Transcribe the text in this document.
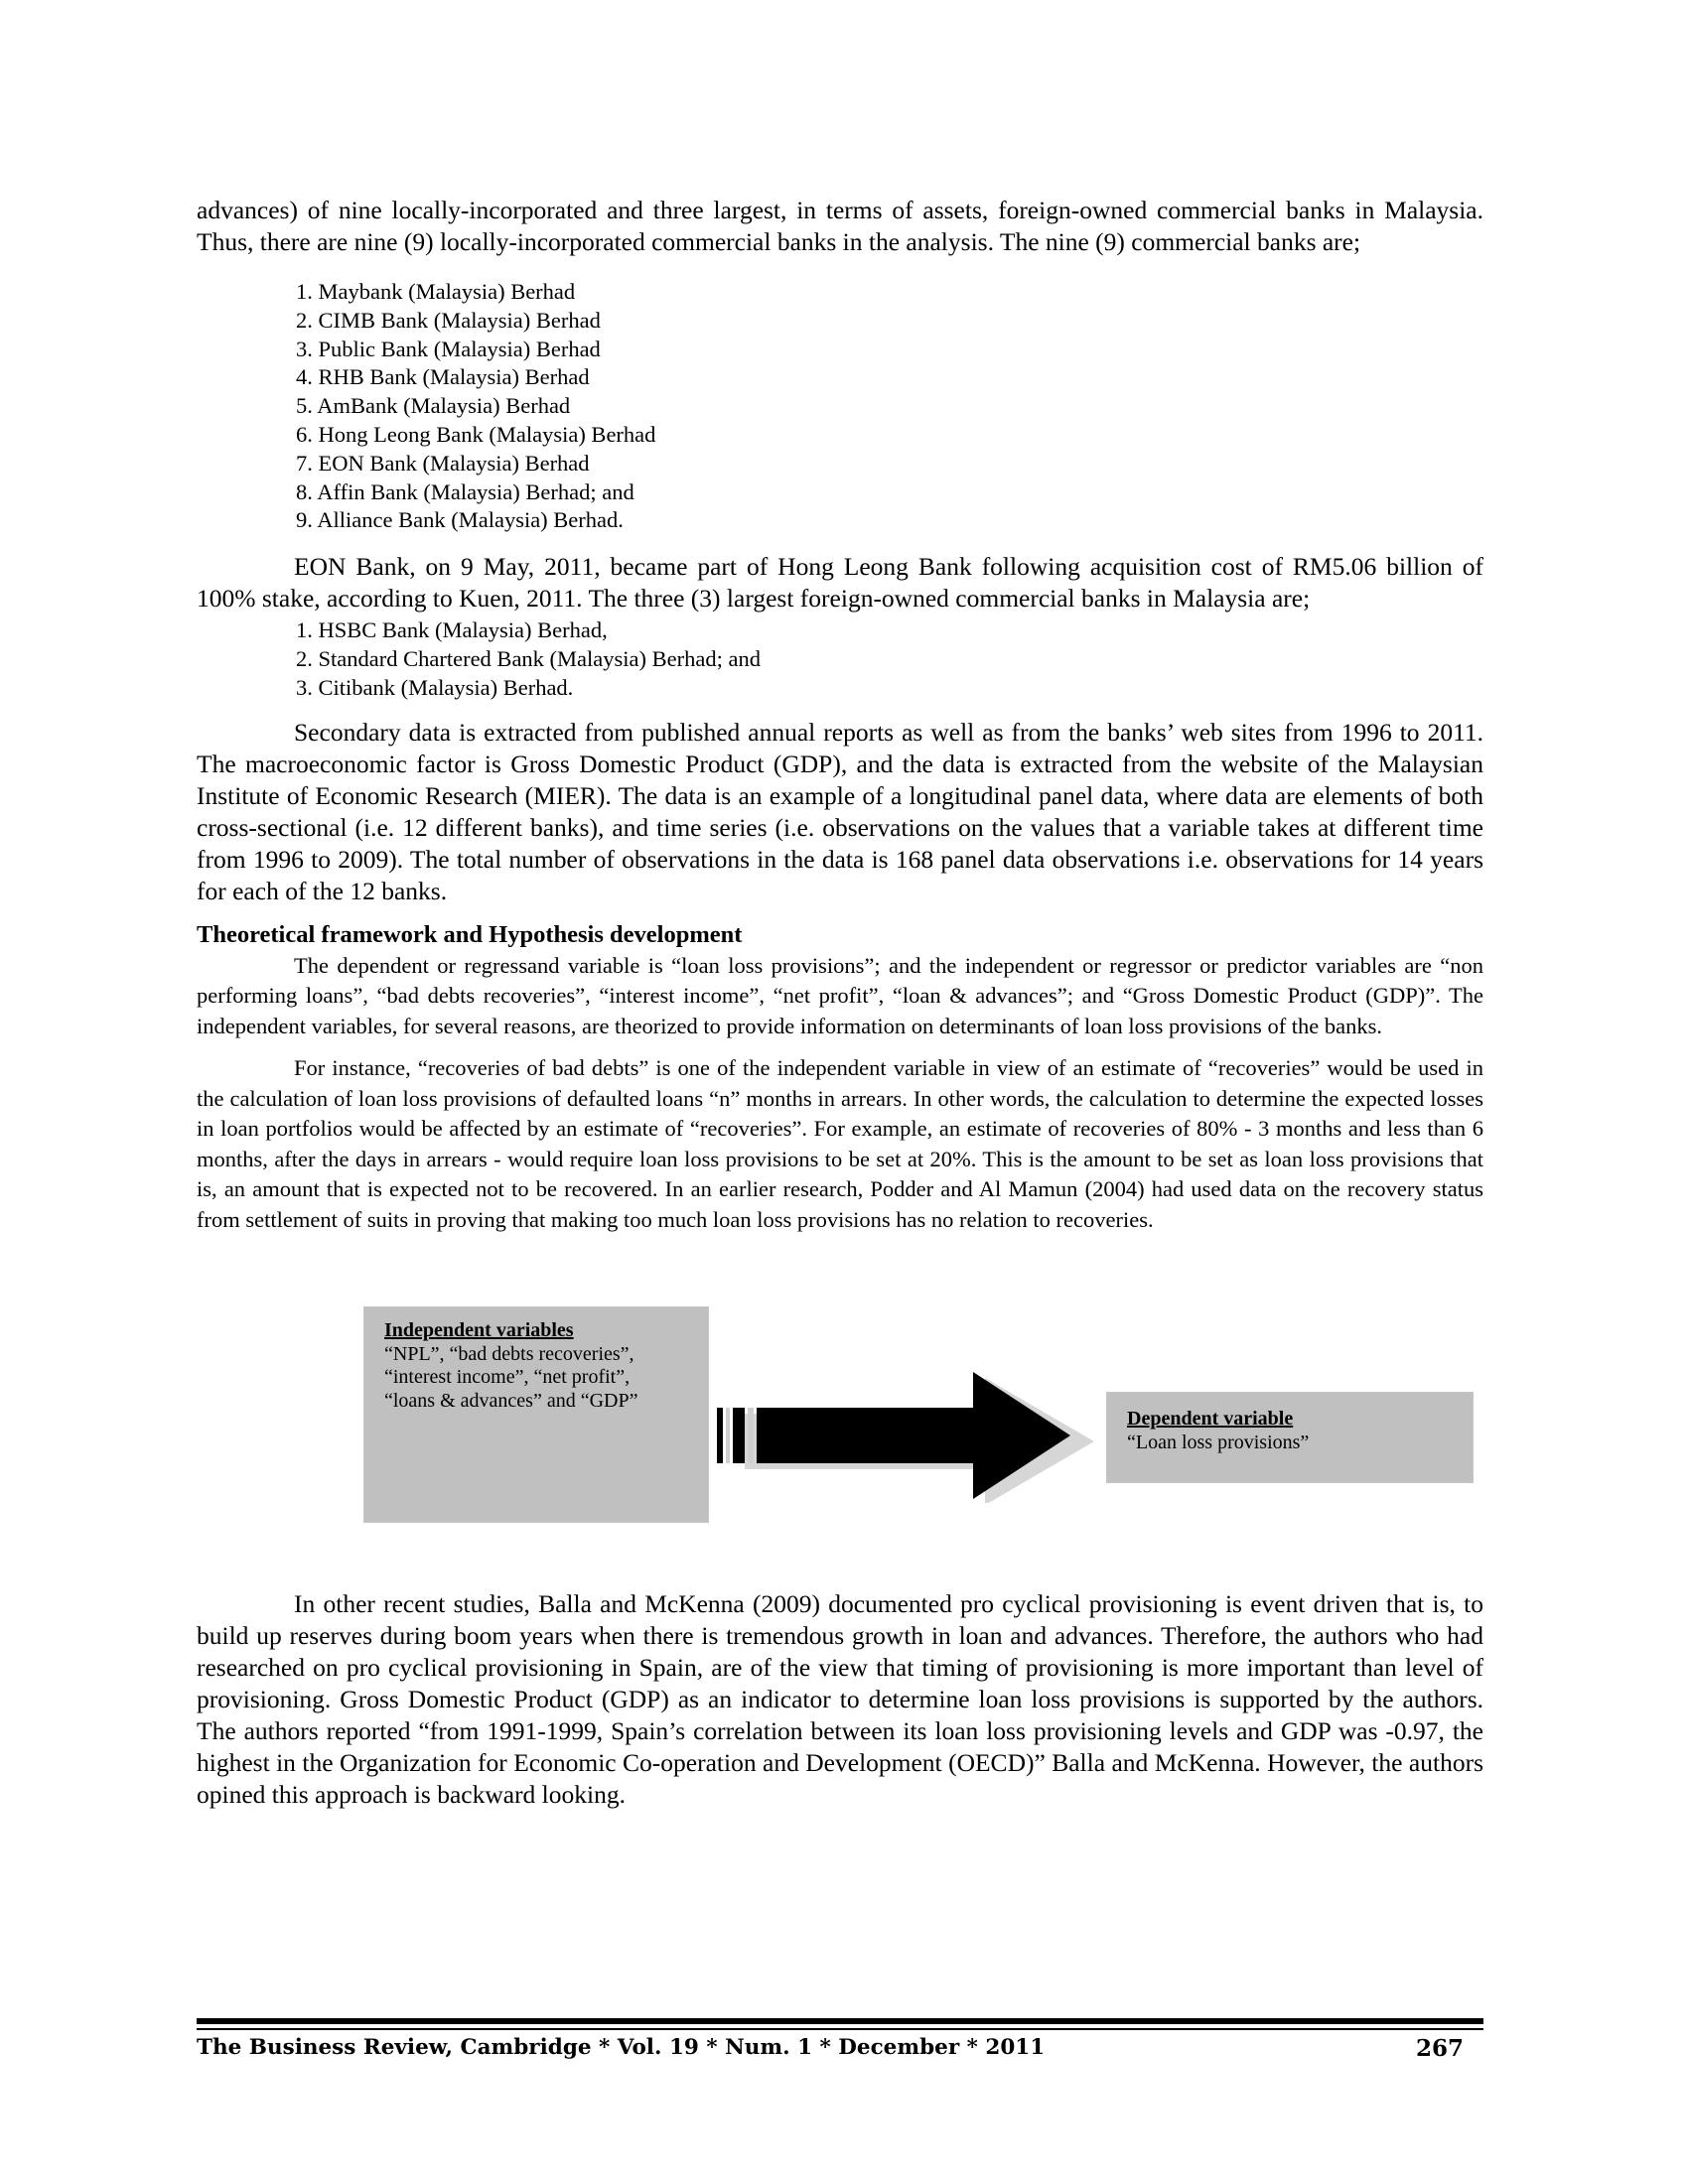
advances) of nine locally-incorporated and three largest, in terms of assets, foreign-owned commercial banks in Malaysia. Thus, there are nine (9) locally-incorporated commercial banks in the analysis. The nine (9) commercial banks are;

1. Maybank (Malaysia) Berhad
2. CIMB Bank (Malaysia) Berhad
3. Public Bank (Malaysia) Berhad
4. RHB Bank (Malaysia) Berhad
5. AmBank (Malaysia) Berhad
6. Hong Leong Bank (Malaysia) Berhad
7. EON Bank (Malaysia) Berhad
8. Affin Bank (Malaysia) Berhad; and
9. Alliance Bank (Malaysia) Berhad.

EON Bank, on 9 May, 2011, became part of Hong Leong Bank following acquisition cost of RM5.06 billion of 100% stake, according to Kuen, 2011. The three (3) largest foreign-owned commercial banks in Malaysia are;

1. HSBC Bank (Malaysia) Berhad,
2. Standard Chartered Bank (Malaysia) Berhad; and
3. Citibank (Malaysia) Berhad.

Secondary data is extracted from published annual reports as well as from the banks’ web sites from 1996 to 2011. The macroeconomic factor is Gross Domestic Product (GDP), and the data is extracted from the website of the Malaysian Institute of Economic Research (MIER). The data is an example of a longitudinal panel data, where data are elements of both cross-sectional (i.e. 12 different banks), and time series (i.e. observations on the values that a variable takes at different time from 1996 to 2009). The total number of observations in the data is 168 panel data observations i.e. observations for 14 years for each of the 12 banks.

Theoretical framework and Hypothesis development

The dependent or regressand variable is “loan loss provisions”; and the independent or regressor or predictor variables are “non performing loans”, “bad debts recoveries”, “interest income”, “net profit”, “loan & advances”; and “Gross Domestic Product (GDP)”. The independent variables, for several reasons, are theorized to provide information on determinants of loan loss provisions of the banks.

For instance, “recoveries of bad debts” is one of the independent variable in view of an estimate of “recoveries” would be used in the calculation of loan loss provisions of defaulted loans “n” months in arrears. In other words, the calculation to determine the expected losses in loan portfolios would be affected by an estimate of “recoveries”. For example, an estimate of recoveries of 80% - 3 months and less than 6 months, after the days in arrears - would require loan loss provisions to be set at 20%. This is the amount to be set as loan loss provisions that is, an amount that is expected not to be recovered. In an earlier research, Podder and Al Mamun (2004) had used data on the recovery status from settlement of suits in proving that making too much loan loss provisions has no relation to recoveries.

Independent variables
“NPL”, “bad debts recoveries”,
“interest income”, “net profit”,
“loans & advances” and “GDP”
Dependent variable
“Loan loss provisions”

In other recent studies, Balla and McKenna (2009) documented pro cyclical provisioning is event driven that is, to build up reserves during boom years when there is tremendous growth in loan and advances. Therefore, the authors who had researched on pro cyclical provisioning in Spain, are of the view that timing of provisioning is more important than level of provisioning. Gross Domestic Product (GDP) as an indicator to determine loan loss provisions is supported by the authors. The authors reported “from 1991-1999, Spain’s correlation between its loan loss provisioning levels and GDP was -0.97, the highest in the Organization for Economic Co-operation and Development (OECD)” Balla and McKenna. However, the authors opined this approach is backward looking.

The Business Review, Cambridge * Vol. 19 * Num. 1 * December * 2011	267
